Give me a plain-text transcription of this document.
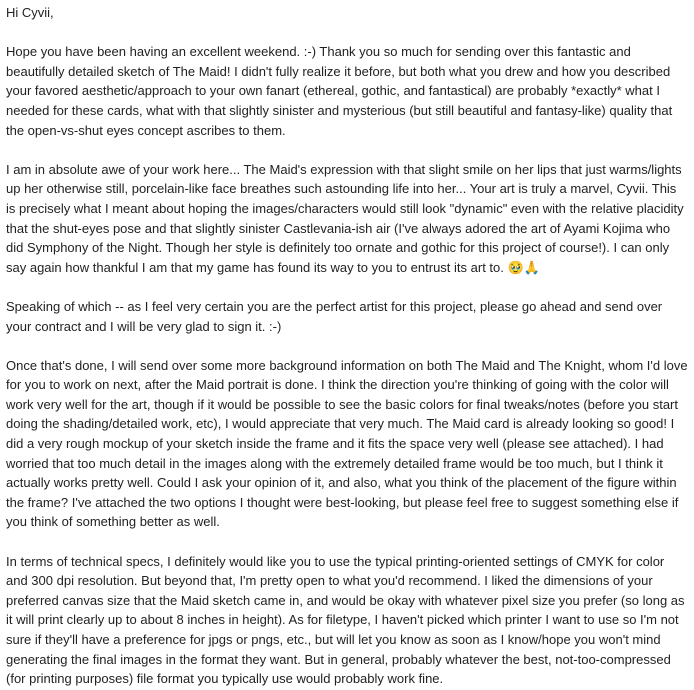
Hi Cyvii,
Hope you have been having an excellent weekend. :-) Thank you so much for sending over this fantastic and beautifully detailed sketch of The Maid! I didn't fully realize it before, but both what you drew and how you described your favored aesthetic/approach to your own fanart (ethereal, gothic, and fantastical) are probably *exactly* what I needed for these cards, what with that slightly sinister and mysterious (but still beautiful and fantasy-like) quality that the open-vs-shut eyes concept ascribes to them.
I am in absolute awe of your work here... The Maid's expression with that slight smile on her lips that just warms/lights up her otherwise still, porcelain-like face breathes such astounding life into her... Your art is truly a marvel, Cyvii. This is precisely what I meant about hoping the images/characters would still look "dynamic" even with the relative placidity that the shut-eyes pose and that slightly sinister Castlevania-ish air (I've always adored the art of Ayami Kojima who did Symphony of the Night. Though her style is definitely too ornate and gothic for this project of course!). I can only say again how thankful I am that my game has found its way to you to entrust its art to. 🥹🙏
Speaking of which -- as I feel very certain you are the perfect artist for this project, please go ahead and send over your contract and I will be very glad to sign it. :-)
Once that's done, I will send over some more background information on both The Maid and The Knight, whom I'd love for you to work on next, after the Maid portrait is done. I think the direction you're thinking of going with the color will work very well for the art, though if it would be possible to see the basic colors for final tweaks/notes (before you start doing the shading/detailed work, etc), I would appreciate that very much. The Maid card is already looking so good! I did a very rough mockup of your sketch inside the frame and it fits the space very well (please see attached). I had worried that too much detail in the images along with the extremely detailed frame would be too much, but I think it actually works pretty well. Could I ask your opinion of it, and also, what you think of the placement of the figure within the frame? I've attached the two options I thought were best-looking, but please feel free to suggest something else if you think of something better as well.
In terms of technical specs, I definitely would like you to use the typical printing-oriented settings of CMYK for color and 300 dpi resolution. But beyond that, I'm pretty open to what you'd recommend. I liked the dimensions of your preferred canvas size that the Maid sketch came in, and would be okay with whatever pixel size you prefer (so long as it will print clearly up to about 8 inches in height). As for filetype, I haven't picked which printer I want to use so I'm not sure if they'll have a preference for jpgs or pngs, etc., but will let you know as soon as I know/hope you won't mind generating the final images in the format they want. But in general, probably whatever the best, not-too-compressed (for printing purposes) file format you typically use would probably work fine.
